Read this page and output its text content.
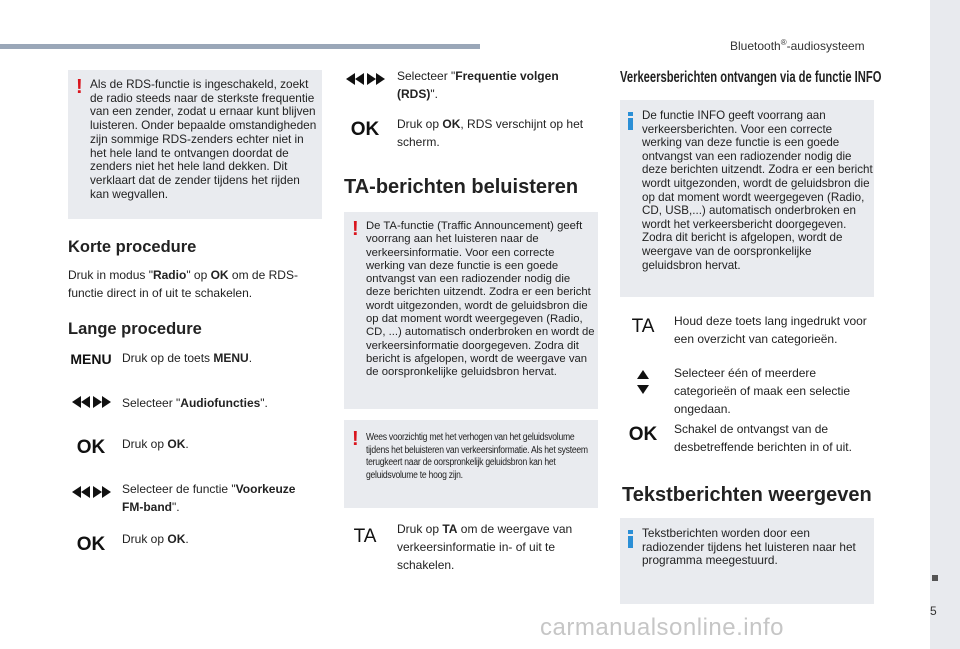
Bluetooth®-audiosysteem
5
! Als de RDS-functie is ingeschakeld, zoekt de radio steeds naar de sterkste frequentie van een zender, zodat u ernaar kunt blijven luisteren. Onder bepaalde omstandigheden zijn sommige RDS-zenders echter niet in het hele land te ontvangen doordat de zenders niet het hele land dekken. Dit verklaart dat de zender tijdens het rijden kan wegvallen.
Korte procedure
Druk in modus "Radio" op OK om de RDS-functie direct in of uit te schakelen.
Lange procedure
MENU Druk op de toets MENU.
Selecteer "Audiofuncties".
OK	Druk op OK.
Selecteer de functie "Voorkeuze FM-band".
OK	Druk op OK.
Selecteer "Frequentie volgen (RDS)".
OK	Druk op OK, RDS verschijnt op het scherm.
TA-berichten beluisteren
! De TA-functie (Traffic Announcement) geeft voorrang aan het luisteren naar de verkeersinformatie. Voor een correcte werking van deze functie is een goede ontvangst van een radiozender nodig die deze berichten uitzendt. Zodra er een bericht wordt uitgezonden, wordt de geluidsbron die op dat moment wordt weergegeven (Radio, CD, ...) automatisch onderbroken en wordt de verkeersinformatie doorgegeven. Zodra dit bericht is afgelopen, wordt de weergave van de oorspronkelijke geluidsbron hervat.
! Wees voorzichtig met het verhogen van het geluidsvolume tijdens het beluisteren van verkeersinformatie. Als het systeem terugkeert naar de oorspronkelijk geluidsbron kan het geluidsvolume te hoog zijn.
TA	Druk op TA om de weergave van verkeersinformatie in- of uit te schakelen.
Verkeersberichten ontvangen via de functie INFO
De functie INFO geeft voorrang aan verkeersberichten. Voor een correcte werking van deze functie is een goede ontvangst van een radiozender nodig die deze berichten uitzendt. Zodra er een bericht wordt uitgezonden, wordt de geluidsbron die op dat moment wordt weergegeven (Radio, CD, USB,...) automatisch onderbroken en wordt het verkeersbericht doorgegeven. Zodra dit bericht is afgelopen, wordt de weergave van de oorspronkelijke geluidsbron hervat.
TA	Houd deze toets lang ingedrukt voor een overzicht van categorieën.
Selecteer één of meerdere categorieën of maak een selectie ongedaan.
OK	Schakel de ontvangst van de desbetreffende berichten in of uit.
Tekstberichten weergeven
Tekstberichten worden door een radiozender tijdens het luisteren naar het programma meegestuurd.
carmanualsonline.info
